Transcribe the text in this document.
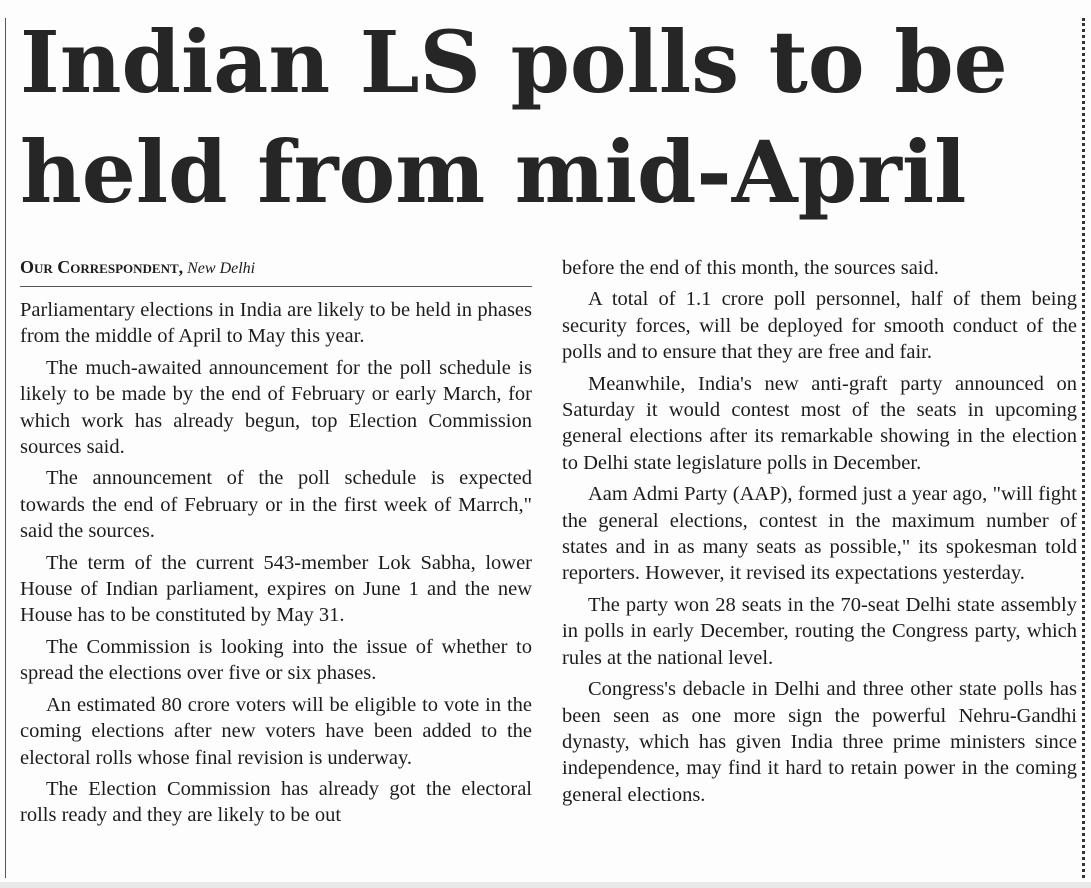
Indian LS polls to be held from mid-April
Our Correspondent, New Delhi

Parliamentary elections in India are likely to be held in phases from the middle of April to May this year.

The much-awaited announcement for the poll schedule is likely to be made by the end of February or early March, for which work has already begun, top Election Commission sources said.

The announcement of the poll schedule is expected towards the end of February or in the first week of Marrch," said the sources.

The term of the current 543-member Lok Sabha, lower House of Indian parliament, expires on June 1 and the new House has to be constituted by May 31.

The Commission is looking into the issue of whether to spread the elections over five or six phases.

An estimated 80 crore voters will be eligible to vote in the coming elections after new voters have been added to the electoral rolls whose final revision is underway.

The Election Commission has already got the electoral rolls ready and they are likely to be out

before the end of this month, the sources said.

A total of 1.1 crore poll personnel, half of them being security forces, will be deployed for smooth conduct of the polls and to ensure that they are free and fair.

Meanwhile, India's new anti-graft party announced on Saturday it would contest most of the seats in upcoming general elections after its remarkable showing in the election to Delhi state legislature polls in December.

Aam Admi Party (AAP), formed just a year ago, "will fight the general elections, contest in the maximum number of states and in as many seats as possible," its spokesman told reporters. However, it revised its expectations yesterday.

The party won 28 seats in the 70-seat Delhi state assembly in polls in early December, routing the Congress party, which rules at the national level.

Congress's debacle in Delhi and three other state polls has been seen as one more sign the powerful Nehru-Gandhi dynasty, which has given India three prime ministers since independence, may find it hard to retain power in the coming general elections.
